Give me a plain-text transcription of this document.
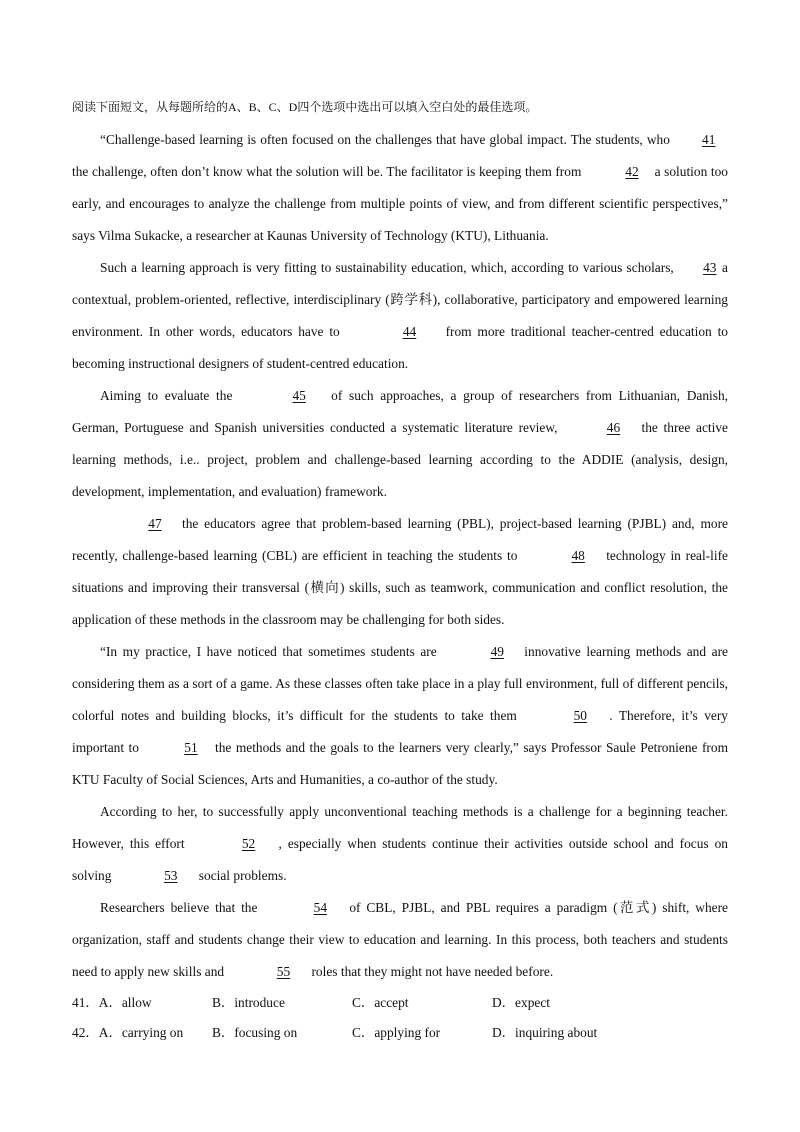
阅读下面短文，从每题所给的A、B、C、D四个选项中选出可以填入空白处的最佳选项。

“Challenge-based learning is often focused on the challenges that have global impact. The students, who 41 the challenge, often don’t know what the solution will be. The facilitator is keeping them from	42 a solution too early, and encourages to analyze the challenge from multiple points of view, and from different scientific perspectives,” says Vilma Sukacke, a researcher at Kaunas University of Technology (KTU), Lithuania.

Such a learning approach is very fitting to sustainability education, which, according to various scholars, 43 a contextual, problem-oriented, reflective, interdisciplinary (跨学科), collaborative, participatory and empowered learning environment. In other words, educators have to	44 from more traditional teacher-centred education to becoming instructional designers of student-centred education.

Aiming to evaluate the	45 of such approaches, a group of researchers from Lithuanian, Danish, German, Portuguese and Spanish universities conducted a systematic literature review,	46 the three active learning methods, i.e.. project, problem and challenge-based learning according to the ADDIE (analysis, design, development, implementation, and evaluation) framework.

47 the educators agree that problem-based learning (PBL), project-based learning (PJBL) and, more recently, challenge-based learning (CBL) are efficient in teaching the students to	48 technology in real-life situations and improving their transversal (横向) skills, such as teamwork, communication and conflict resolution, the application of these methods in the classroom may be challenging for both sides.

“In my practice, I have noticed that sometimes students are	49 innovative learning methods and are considering them as a sort of a game. As these classes often take place in a play full environment, full of different pencils, colorful notes and building blocks, it’s difficult for the students to take them	50 . Therefore, it’s very important to	51 the methods and the goals to the learners very clearly,” says Professor Saule Petroniene from KTU Faculty of Social Sciences, Arts and Humanities, a co-author of the study.

According to her, to successfully apply unconventional teaching methods is a challenge for a beginning teacher. However, this effort	52 , especially when students continue their activities outside school and focus on solving	53 social problems.

Researchers believe that the	54 of CBL, PJBL, and PBL requires a paradigm (范式) shift, where organization, staff and students change their view to education and learning. In this process, both teachers and students need to apply new skills and	55 roles that they might not have needed before.

41．A．allow	B．introduce	C．accept	D．expect
42．A．carrying on	B．focusing on	C．applying for	D．inquiring about
